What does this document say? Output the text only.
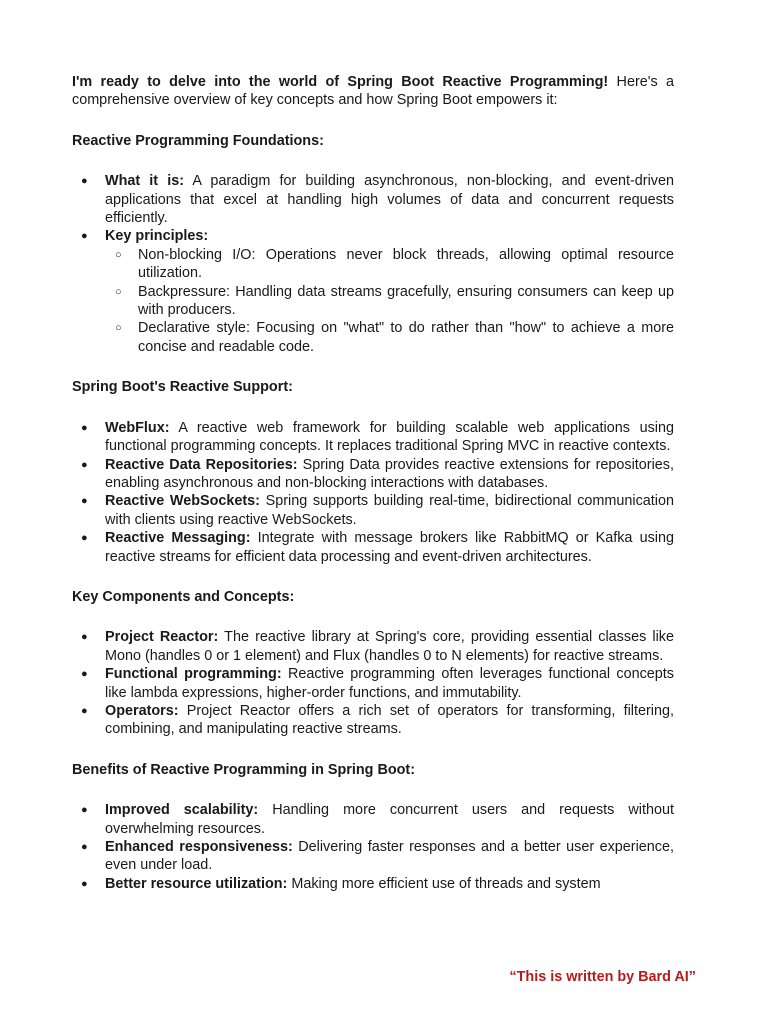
I'm ready to delve into the world of Spring Boot Reactive Programming! Here's a comprehensive overview of key concepts and how Spring Boot empowers it:

Reactive Programming Foundations:
● What it is: A paradigm for building asynchronous, non-blocking, and event-driven applications that excel at handling high volumes of data and concurrent requests efficiently.
● Key principles:
○ Non-blocking I/O: Operations never block threads, allowing optimal resource utilization.
○ Backpressure: Handling data streams gracefully, ensuring consumers can keep up with producers.
○ Declarative style: Focusing on "what" to do rather than "how" to achieve a more concise and readable code.
Spring Boot's Reactive Support:
● WebFlux: A reactive web framework for building scalable web applications using functional programming concepts. It replaces traditional Spring MVC in reactive contexts.
● Reactive Data Repositories: Spring Data provides reactive extensions for repositories, enabling asynchronous and non-blocking interactions with databases.
● Reactive WebSockets: Spring supports building real-time, bidirectional communication with clients using reactive WebSockets.
● Reactive Messaging: Integrate with message brokers like RabbitMQ or Kafka using reactive streams for efficient data processing and event-driven architectures.
Key Components and Concepts:
● Project Reactor: The reactive library at Spring's core, providing essential classes like Mono (handles 0 or 1 element) and Flux (handles 0 to N elements) for reactive streams.
● Functional programming: Reactive programming often leverages functional concepts like lambda expressions, higher-order functions, and immutability.
● Operators: Project Reactor offers a rich set of operators for transforming, filtering, combining, and manipulating reactive streams.
Benefits of Reactive Programming in Spring Boot:
● Improved scalability: Handling more concurrent users and requests without overwhelming resources.
● Enhanced responsiveness: Delivering faster responses and a better user experience, even under load.
● Better resource utilization: Making more efficient use of threads and system
“This is written by Bard AI”
